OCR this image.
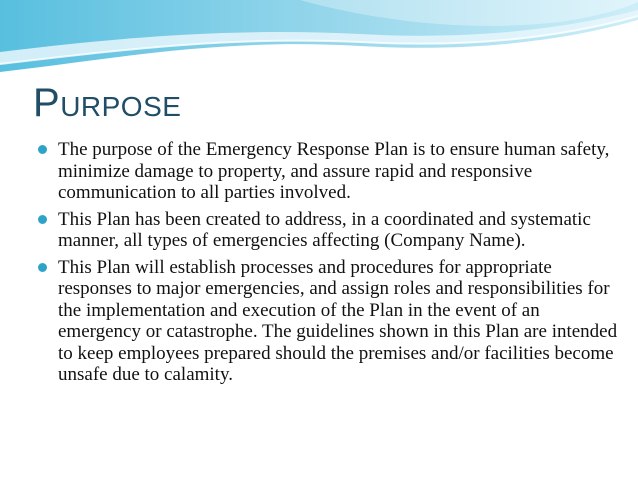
PURPOSE
The purpose of the Emergency Response Plan is to ensure human safety, minimize damage to property, and assure rapid and responsive communication to all parties involved.
This Plan has been created to address, in a coordinated and systematic manner, all types of emergencies affecting (Company Name).
This Plan will establish processes and procedures for appropriate responses to major emergencies, and assign roles and responsibilities for the implementation and execution of the Plan in the event of an emergency or catastrophe. The guidelines shown in this Plan are intended to keep employees prepared should the premises and/or facilities become unsafe due to calamity.
